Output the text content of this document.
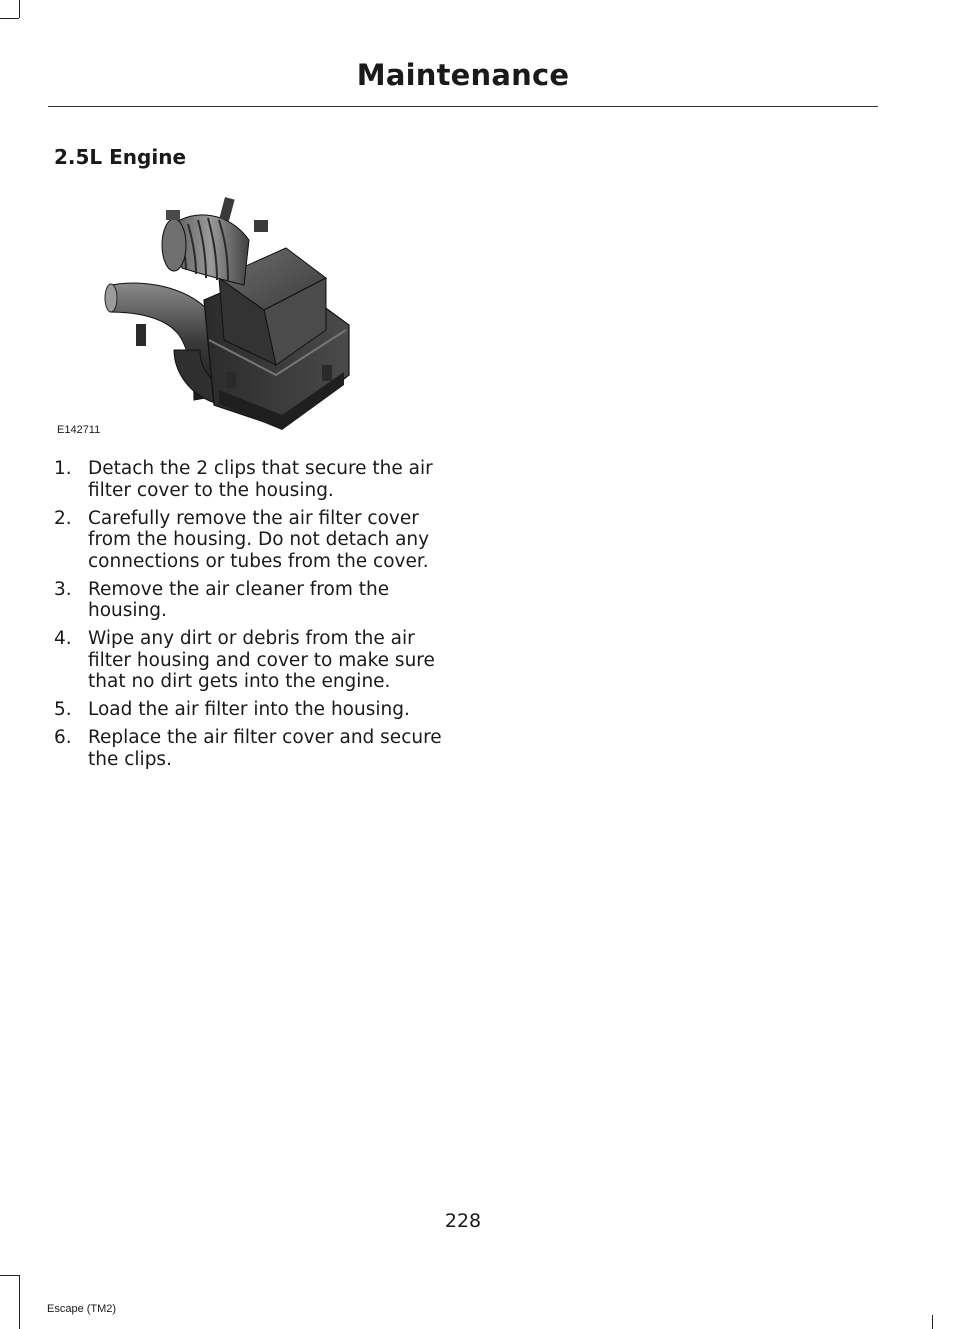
Maintenance
2.5L Engine
E142711
1. Detach the 2 clips that secure the air filter cover to the housing.
2. Carefully remove the air filter cover from the housing. Do not detach any connections or tubes from the cover.
3. Remove the air cleaner from the housing.
4. Wipe any dirt or debris from the air filter housing and cover to make sure that no dirt gets into the engine.
5. Load the air filter into the housing.
6. Replace the air filter cover and secure the clips.
228
Escape (TM2)
